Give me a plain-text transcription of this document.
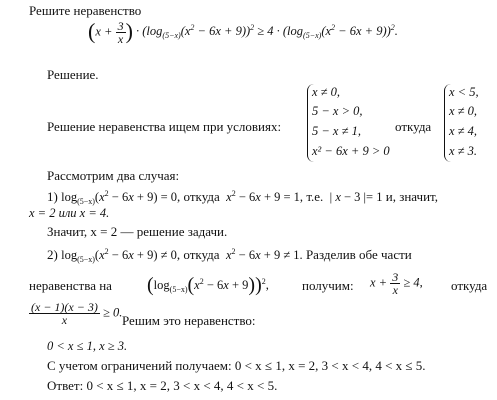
Решите неравенство
($x + \frac{3}{x}$ ) · $(\log_{(5-x)}(x^2 - 6x + 9))^2 \ge 4 \cdot (\log_{(5-x)}(x^2 - 6x + 9))^2$.
Решение.
Решение неравенства ищем при условиях:
x ≠ 0,
5 − x > 0,
5 − x ≠ 1,
x² − 6x + 9 > 0
откуда
x < 5,
x ≠ 0,
x ≠ 4,
x ≠ 3.
Рассмотрим два случая:
1) $\log_{(5-x)}(x^2 - 6x + 9) = 0$, откуда $x^2 - 6x + 9 = 1$, т.е.  | x − 3 |= 1 и, значит,
x = 2 или x = 4.
Значит, x = 2 — решение задачи.
2) $\log_{(5-x)}(x^2 - 6x + 9) \ne 0$, откуда $x^2 - 6x + 9 \ne 1$. Разделив обе части
неравенства на $(\log_{(5-x)}(x^2 - 6x + 9))^2$,	получим: $x + \frac{3}{x} \ge 4$, откуда
$\frac{(x - 1)(x - 3)}{x} \ge 0$.
Решим это неравенство:
0 < x ≤ 1, x ≥ 3.
С учетом ограничений получаем: 0 < x ≤ 1, x = 2, 3 < x < 4, 4 < x ≤ 5.
Ответ: 0 < x ≤ 1, x = 2, 3 < x < 4, 4 < x < 5.
